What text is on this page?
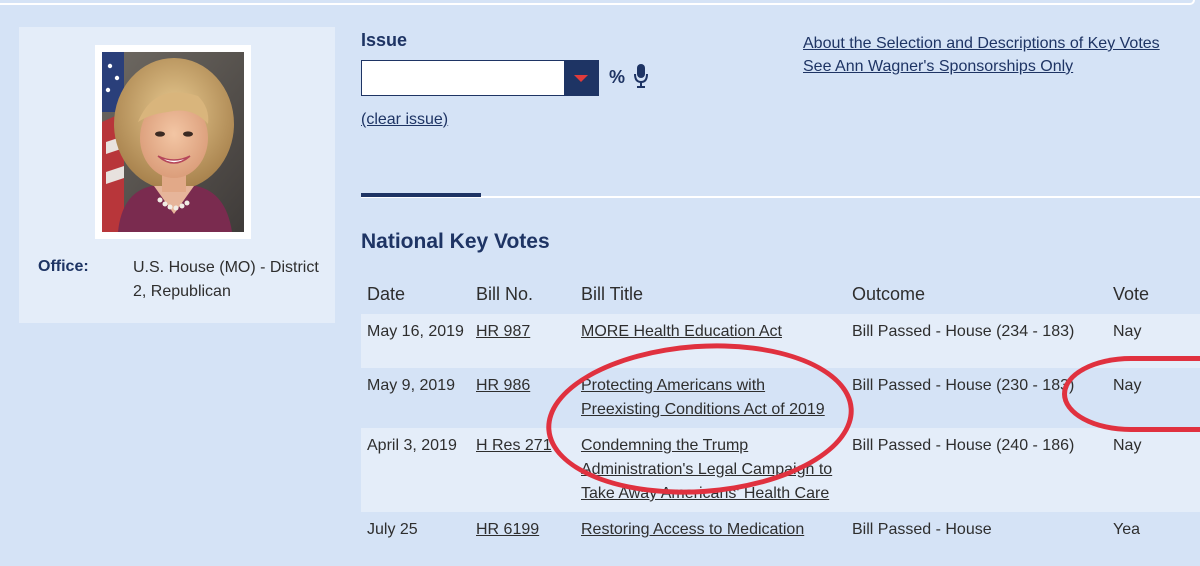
Office:	U.S. House (MO) - District 2, Republican
Issue
%
(clear issue)
About the Selection and Descriptions of Key Votes
See Ann Wagner's Sponsorships Only
National Key Votes
Date	Bill No.	Bill Title	Outcome	Vote
May 16, 2019	HR 987	MORE Health Education Act	Bill Passed - House (234 - 183)	Nay
May 9, 2019	HR 986	Protecting Americans with Preexisting Conditions Act of 2019	Bill Passed - House (230 - 183)	Nay
April 3, 2019	H Res 271	Condemning the Trump Administration's Legal Campaign to Take Away Americans' Health Care	Bill Passed - House (240 - 186)	Nay
July 25	HR 6199	Restoring Access to Medication	Bill Passed - House	Yea
